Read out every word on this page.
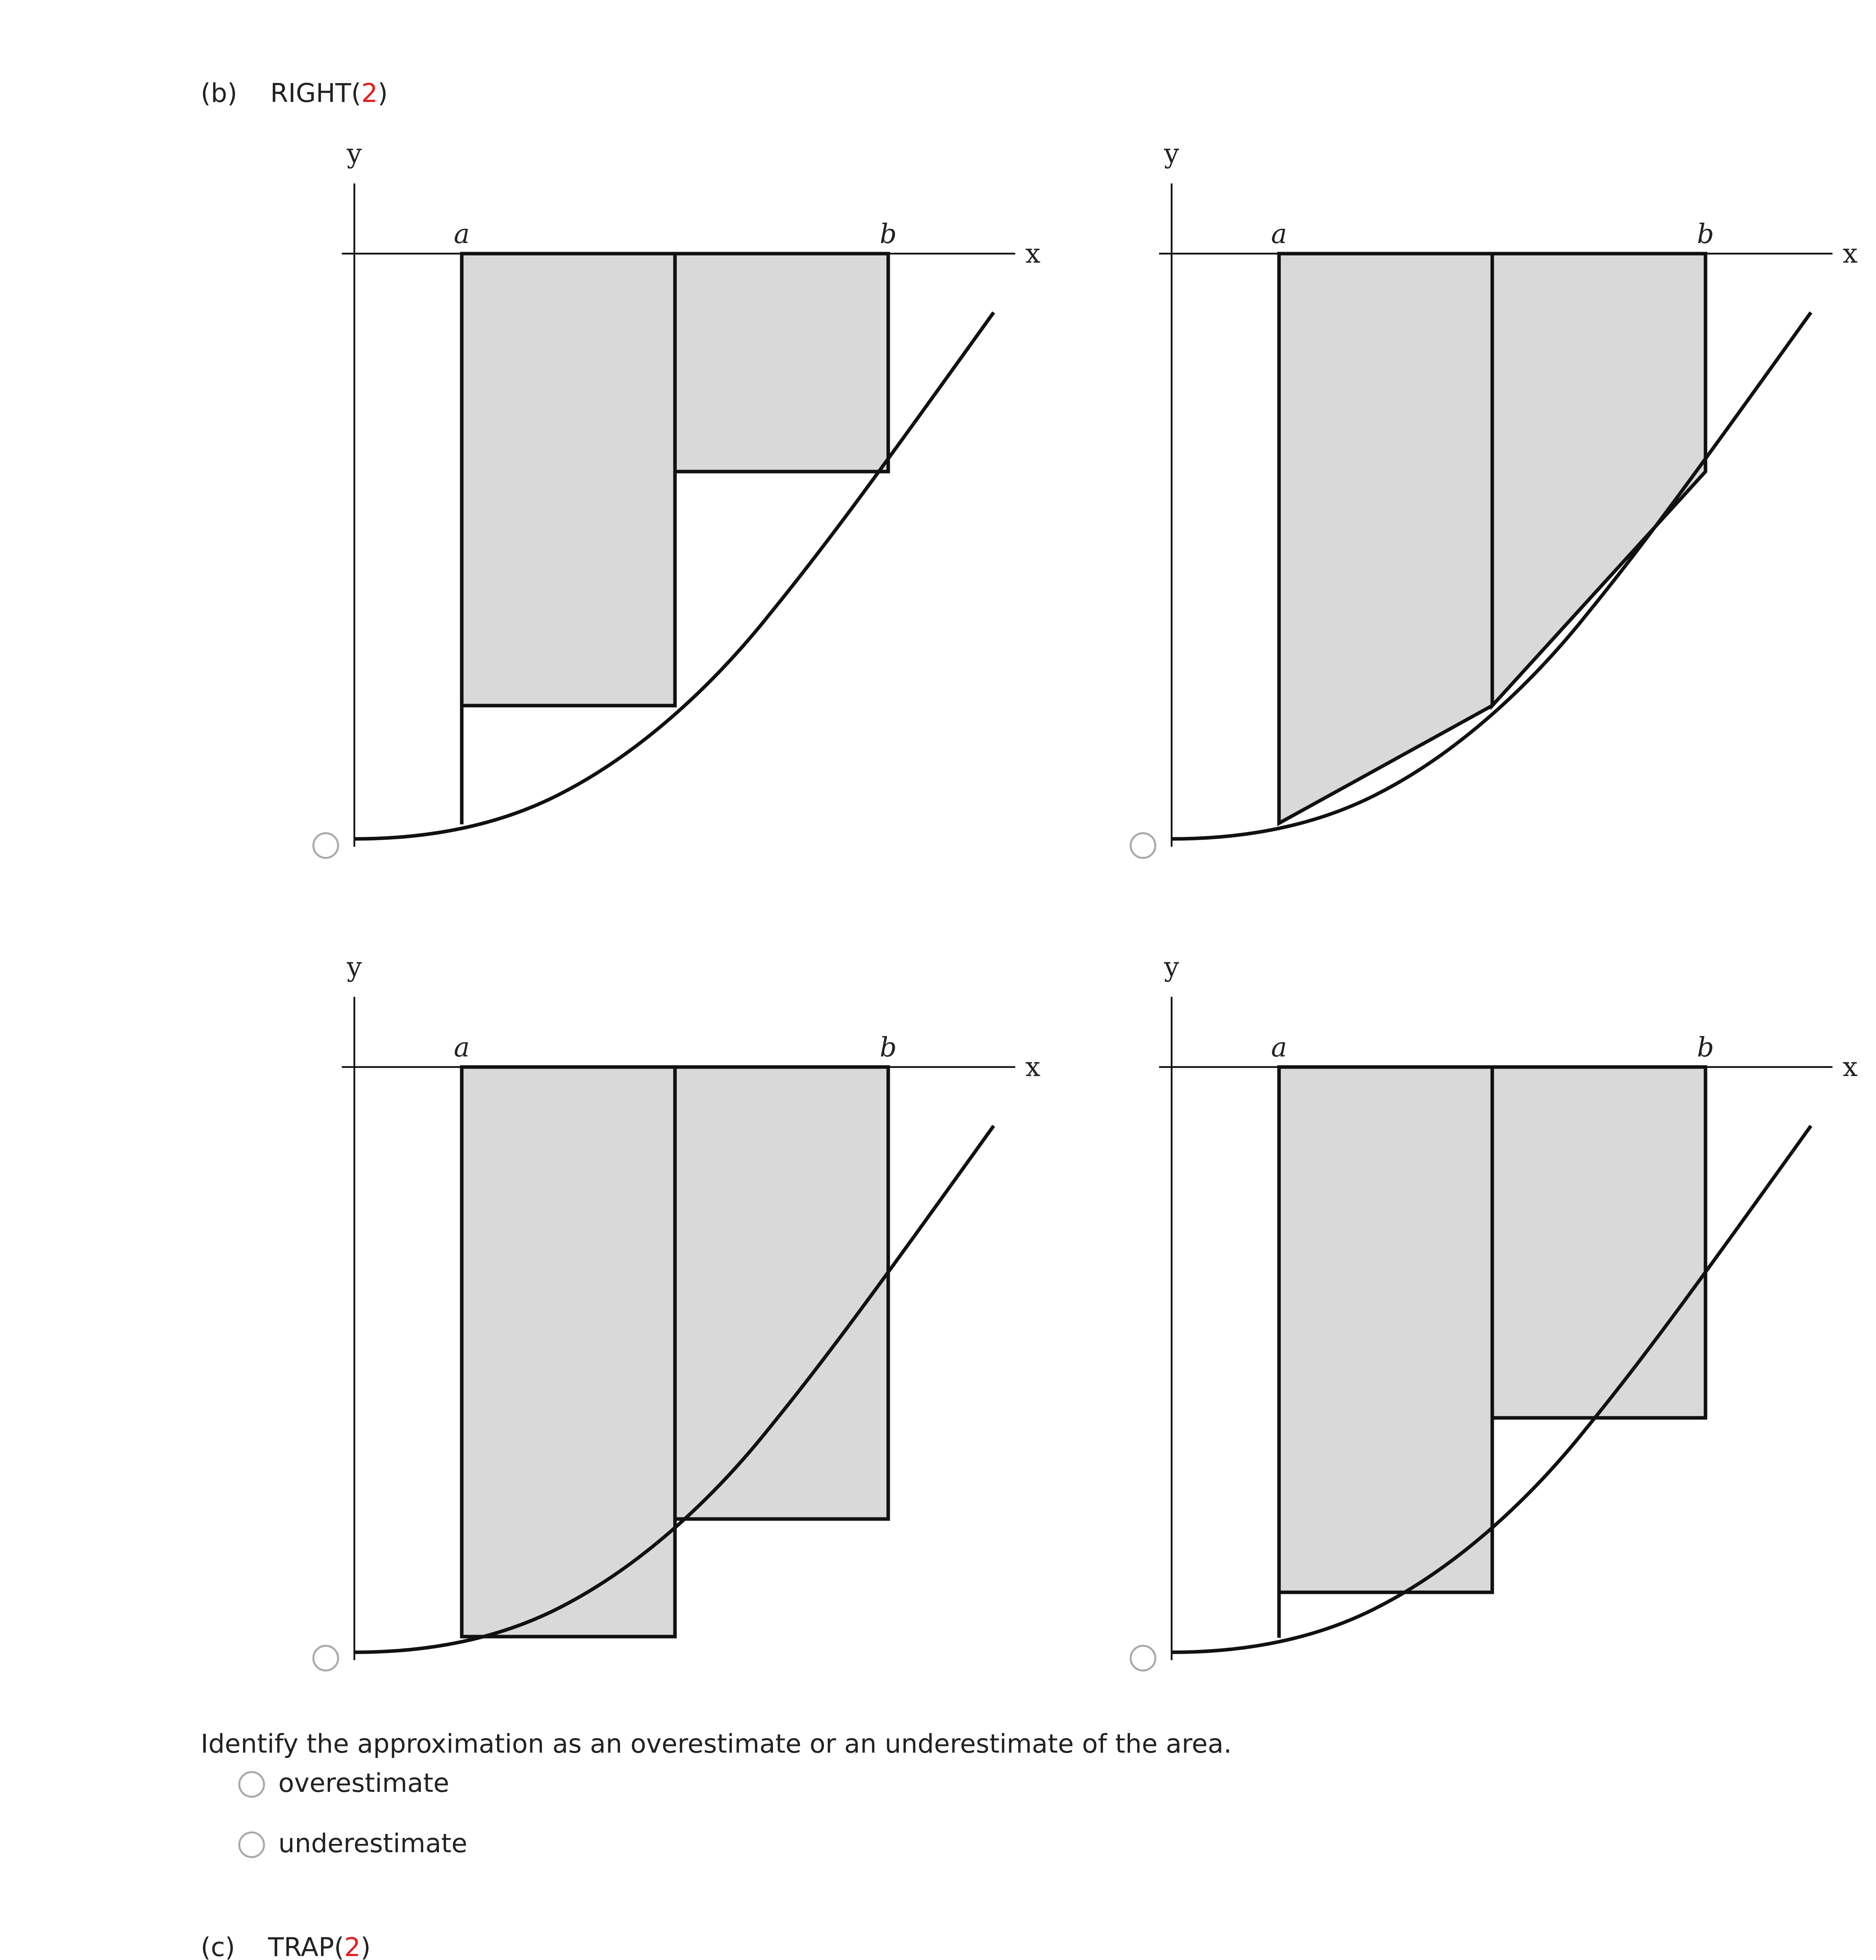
(b) RIGHT(2)
y
x
a	b
y
x
a	b
y
x
a	b
y
x
a	b
Identify the approximation as an overestimate or an underestimate of the area.
overestimate
underestimate
(c) TRAP(2)
